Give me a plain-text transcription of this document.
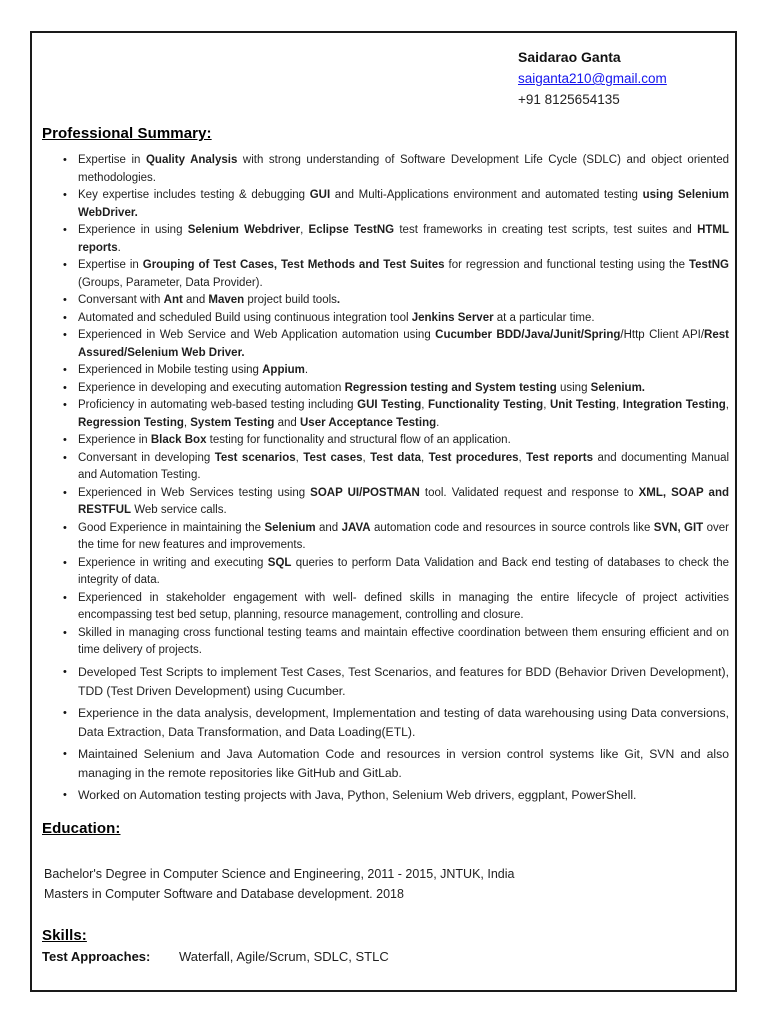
Saidarao Ganta
saiganta210@gmail.com
+91 8125654135
Professional Summary:
• Expertise in Quality Analysis with strong understanding of Software Development Life Cycle (SDLC) and object oriented methodologies.
• Key expertise includes testing & debugging GUI and Multi-Applications environment and automated testing using Selenium WebDriver.
• Experience in using Selenium Webdriver, Eclipse TestNG test frameworks in creating test scripts, test suites and HTML reports.
• Expertise in Grouping of Test Cases, Test Methods and Test Suites for regression and functional testing using the TestNG (Groups, Parameter, Data Provider).
• Conversant with Ant and Maven project build tools.
• Automated and scheduled Build using continuous integration tool Jenkins Server at a particular time.
• Experienced in Web Service and Web Application automation using Cucumber BDD/Java/Junit/Spring/Http Client API/Rest Assured/Selenium Web Driver.
• Experienced in Mobile testing using Appium.
• Experience in developing and executing automation Regression testing and System testing using Selenium.
• Proficiency in automating web-based testing including GUI Testing, Functionality Testing, Unit Testing, Integration Testing, Regression Testing, System Testing and User Acceptance Testing.
• Experience in Black Box testing for functionality and structural flow of an application.
• Conversant in developing Test scenarios, Test cases, Test data, Test procedures, Test reports and documenting Manual and Automation Testing.
• Experienced in Web Services testing using SOAP UI/POSTMAN tool. Validated request and response to XML, SOAP and RESTFUL Web service calls.
• Good Experience in maintaining the Selenium and JAVA automation code and resources in source controls like SVN, GIT over the time for new features and improvements.
• Experience in writing and executing SQL queries to perform Data Validation and Back end testing of databases to check the integrity of data.
• Experienced in stakeholder engagement with well- defined skills in managing the entire lifecycle of project activities encompassing test bed setup, planning, resource management, controlling and closure.
• Skilled in managing cross functional testing teams and maintain effective coordination between them ensuring efficient and on time delivery of projects.
• Developed Test Scripts to implement Test Cases, Test Scenarios, and features for BDD (Behavior Driven Development), TDD (Test Driven Development) using Cucumber.
• Experience in the data analysis, development, Implementation and testing of data warehousing using Data conversions, Data Extraction, Data Transformation, and Data Loading(ETL).
• Maintained Selenium and Java Automation Code and resources in version control systems like Git, SVN and also managing in the remote repositories like GitHub and GitLab.
• Worked on Automation testing projects with Java, Python, Selenium Web drivers, eggplant, PowerShell.
Education:

Bachelor's Degree in Computer Science and Engineering, 2011 - 2015, JNTUK, India

Masters in Computer Software and Database development. 2018

Skills:
Test Approaches: Waterfall, Agile/Scrum, SDLC, STLC
